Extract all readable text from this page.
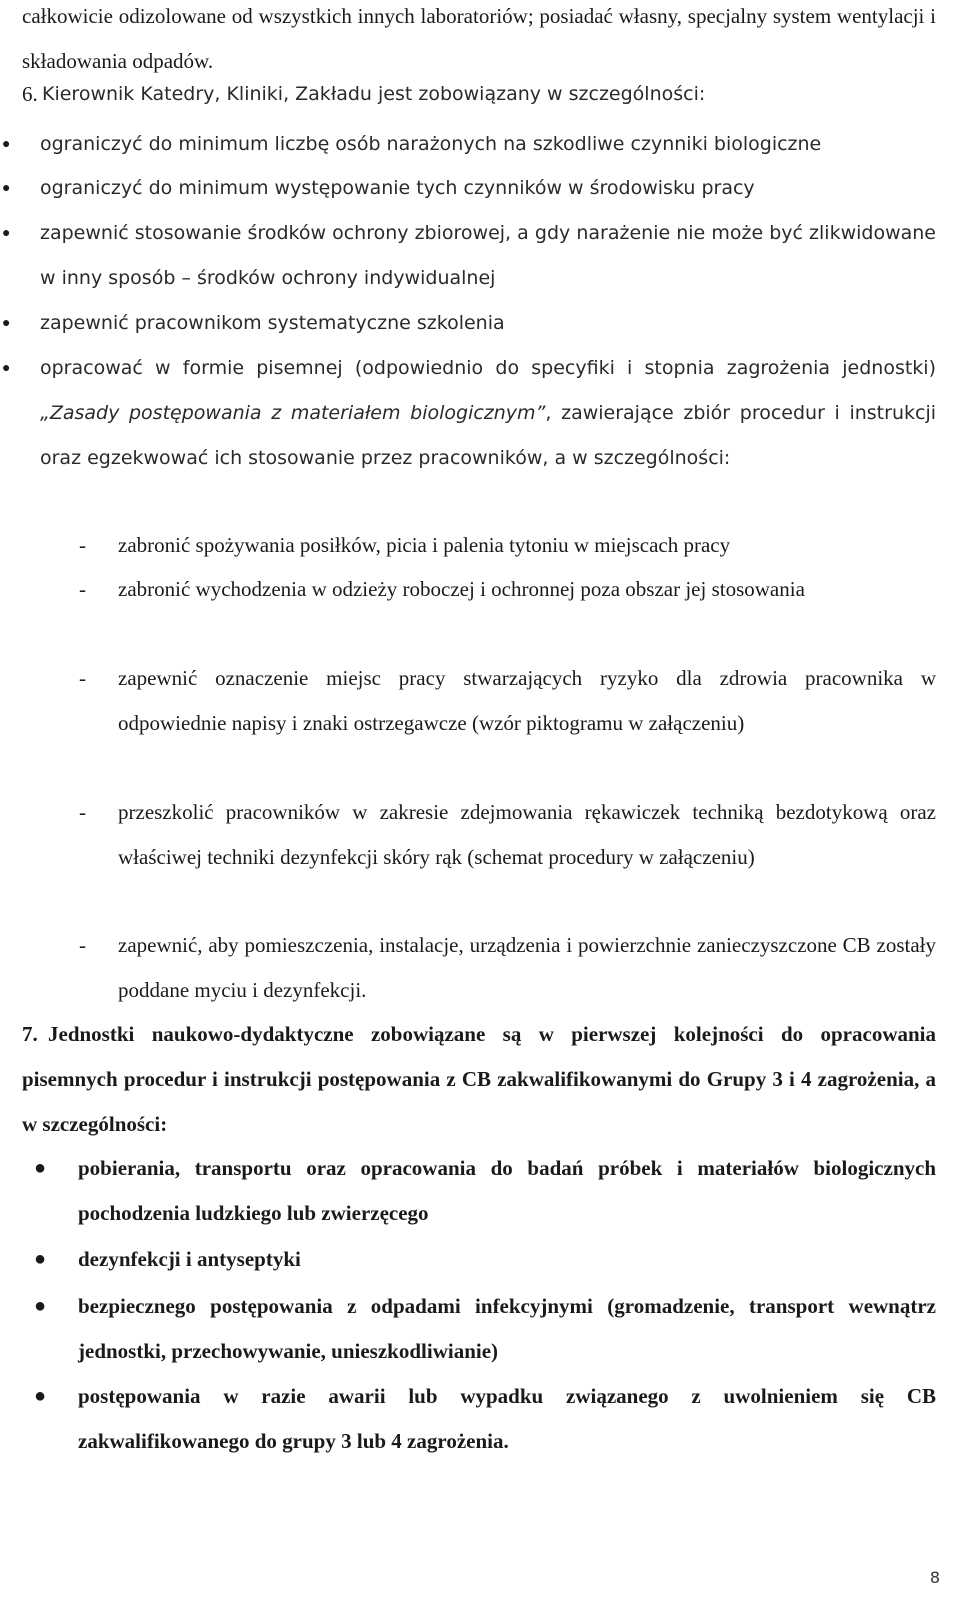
całkowicie odizolowane od wszystkich innych laboratoriów; posiadać własny, specjalny system wentylacji i składowania odpadów.
6. Kierownik Katedry, Kliniki, Zakładu jest zobowiązany w szczególności:
● ograniczyć do minimum liczbę osób narażonych na szkodliwe czynniki biologiczne
● ograniczyć do minimum występowanie tych czynników w środowisku pracy
● zapewnić stosowanie środków ochrony zbiorowej, a gdy narażenie nie może być zlikwidowane w inny sposób – środków ochrony indywidualnej
● zapewnić pracownikom systematyczne szkolenia
● opracować w formie pisemnej (odpowiednio do specyfiki i stopnia zagrożenia jednostki) „Zasady postępowania z materiałem biologicznym”, zawierające zbiór procedur i instrukcji oraz egzekwować ich stosowanie przez pracowników, a w szczególności:
- zabronić spożywania posiłków, picia i palenia tytoniu w miejscach pracy
- zabronić wychodzenia w odzieży roboczej i ochronnej poza obszar jej stosowania
- zapewnić oznaczenie miejsc pracy stwarzających ryzyko dla zdrowia pracownika w odpowiednie napisy i znaki ostrzegawcze (wzór piktogramu w załączeniu)
- przeszkolić pracowników w zakresie zdejmowania rękawiczek techniką bezdotykową oraz właściwej techniki dezynfekcji skóry rąk (schemat procedury w załączeniu)
- zapewnić, aby pomieszczenia, instalacje, urządzenia i powierzchnie zanieczyszczone CB zostały poddane myciu i dezynfekcji.
7. Jednostki naukowo-dydaktyczne zobowiązane są w pierwszej kolejności do opracowania pisemnych procedur i instrukcji postępowania z CB zakwalifikowanymi do Grupy 3 i 4 zagrożenia, a w szczególności:
● pobierania, transportu oraz opracowania do badań próbek i materiałów biologicznych pochodzenia ludzkiego lub zwierzęcego
● dezynfekcji i antyseptyki
● bezpiecznego postępowania z odpadami infekcyjnymi (gromadzenie, transport wewnątrz jednostki, przechowywanie, unieszkodliwianie)
● postępowania w razie awarii lub wypadku związanego z uwolnieniem się CB zakwalifikowanego do grupy 3 lub 4 zagrożenia.
8
